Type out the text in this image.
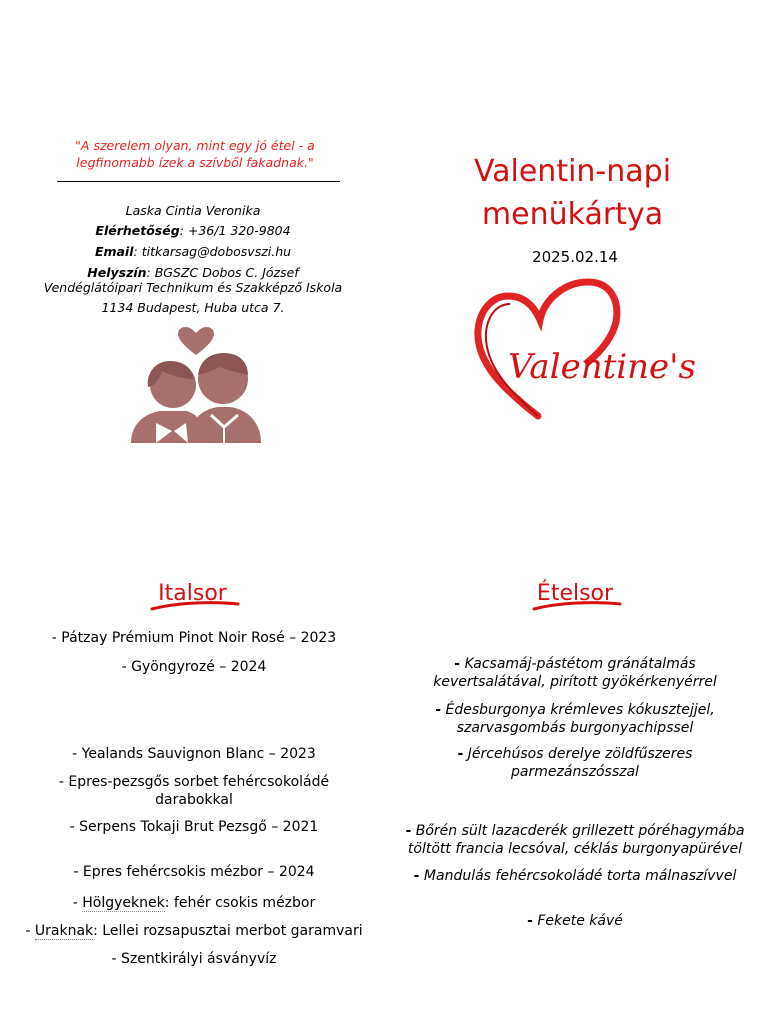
"A szerelem olyan, mint egy jó étel - a legfinomabb ízek a szívből fakadnak."
Laska Cintia Veronika
Elérhetőség: +36/1 320-9804
Email: titkarsag@dobosvszi.hu
Helyszín: BGSZC Dobos C. József
Vendéglátóipari Technikum és Szakképző Iskola
1134 Budapest, Huba utca 7.
Valentin-napi
menükártya
2025.02.14
Valentine's
Italsor
- Pátzay Prémium Pinot Noir Rosé – 2023
- Gyöngyrozé – 2024
- Yealands Sauvignon Blanc – 2023
- Epres-pezsgős sorbet fehércsokoládé
darabokkal
- Serpens Tokaji Brut Pezsgő – 2021
- Epres fehércsokis mézbor – 2024
- Hölgyeknek: fehér csokis mézbor
- Uraknak: Lellei rozsapusztai merbot garamvari
- Szentkirályi ásványvíz
Ételsor
- Kacsamáj-pástétom gránátalmás
kevertsalátával, pirított gyökérkenyérrel
- Édesburgonya krémleves kókusztejjel,
szarvasgombás burgonyachipssel
- Jércehúsos derelye zöldfűszeres
parmezánszósszal
- Bőrén sült lazacderék grillezett póréhagymába
töltött francia lecsóval, céklás burgonyapürével
- Mandulás fehércsokoládé torta málnaszívvel
- Fekete kávé
